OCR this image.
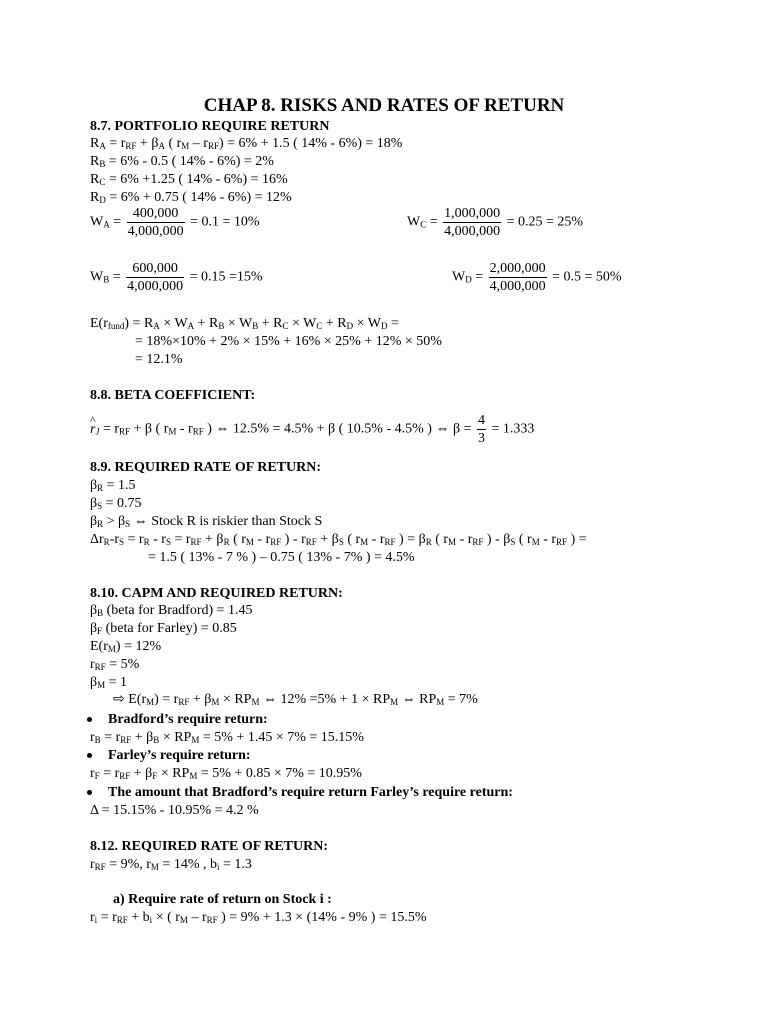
CHAP 8. RISKS AND RATES OF RETURN
8.7. PORTFOLIO REQUIRE RETURN
$R_A = r_{RF} + \beta_A$ ( $r_M - r_{RF}) = 6\% + 1.5$ ( 14% - 6%) = 18%
$R_B = 6\% - 0.5$ ( 14% - 6%) = 2%
$R_C = 6\% +1.25$ ( 14% - 6%) = 16%
$R_D = 6\% + 0.75$ ( 14% - 6%) = 12%
$W_A = \frac{400,000}{4,000,000} = 0.1 = 10\%$	$W_C = \frac{1,000,000}{4,000,000} = 0.25 = 25\%$
$W_B = \frac{600,000}{4,000,000} = 0.15 =15\%$	$W_D = \frac{2,000,000}{4,000,000} = 0.5 = 50\%$
$E(r_{fund}) = R_A \times W_A + R_B \times W_B + R_C \times W_C + R_D \times W_D$ =
= 18%×10% + 2% × 15% + 16% × 25% + 12% × 50%
= 12.1%
8.8. BETA COEFFICIENT:
^ $r_J = r_{RF} + \beta$ ( $r_M - r_{RF}$ ) ⇔ 12.5% = 4.5% + β ( 10.5% - 4.5% ) ⇔ $\beta = \frac{4}{3} = 1.333$
8.9. REQUIRED RATE OF RETURN:
$\beta_R = 1.5$
$\beta_S = 0.75$
$\beta_R > \beta_S$ ⇔ Stock R is riskier than Stock S
$\Delta r_R-r_S = r_R - r_S = r_{RF} + \beta_R$ ( $r_M - r_{RF}$ ) - $r_{RF} + \beta_S$ ( $r_M - r_{RF}$ ) = $\beta_R$ ( $r_M - r_{RF}$ ) - $\beta_S$ ( $r_M - r_{RF}$ ) =
= 1.5 ( 13% - 7 % ) – 0.75 ( 13% - 7% ) = 4.5%
8.10. CAPM AND REQUIRED RETURN:
$\beta_B$ (beta for Bradford) = 1.45
$\beta_F$ (beta for Farley) = 0.85
$E(r_M) = 12\%$
$r_{RF} = 5\%$
$\beta_M = 1$
⇨ $E(r_M) = r_{RF} + \beta_M \times RP_M$ ⇔ $12\% =5\% + 1 \times RP_M$ ⇔ $RP_M = 7\%$
Bradford’s require return:
$r_B = r_{RF} + \beta_B \times RP_M = 5\% + 1.45 \times 7\% = 15.15\%$
Farley’s require return:
$r_F = r_{RF} + \beta_F \times RP_M = 5\% + 0.85 \times 7\% = 10.95\%$
The amount that Bradford’s require return Farley’s require return:
Δ = 15.15% - 10.95% = 4.2 %
8.12. REQUIRED RATE OF RETURN:
$r_{RF} = 9\%$, $r_M = 14\%$ , $b_i = 1.3$
a) Require rate of return on Stock i :
$r_i = r_{RF} + b_i$ × ( $r_M - r_{RF}$ ) = 9% + 1.3 × (14% - 9% ) = 15.5%
